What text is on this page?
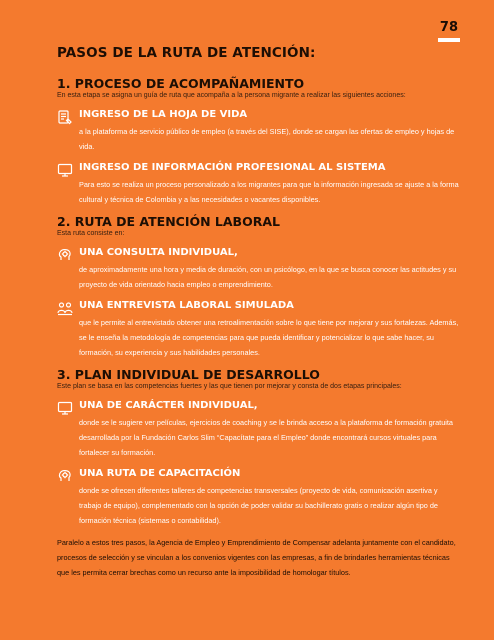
78
PASOS DE LA RUTA DE ATENCIÓN:
1. PROCESO DE ACOMPAÑAMIENTO

En esta etapa se asigna un guía de ruta que acompaña a la persona migrante a realizar las siguientes acciones:

INGRESO DE LA HOJA DE VIDA
a la plataforma de servicio público de empleo (a través del SISE), donde se cargan las ofertas de empleo y hojas de vida.
INGRESO DE INFORMACIÓN PROFESIONAL AL SISTEMA
Para esto se realiza un proceso personalizado a los migrantes para que la información ingresada se ajuste a la forma cultural y técnica de Colombia y a las necesidades o vacantes disponibles.
2. RUTA DE ATENCIÓN LABORAL

Esta ruta consiste en:

UNA CONSULTA INDIVIDUAL,
de aproximadamente una hora y media de duración, con un psicólogo, en la que se busca conocer las actitudes y su proyecto de vida orientado hacia empleo o emprendimiento.
UNA ENTREVISTA LABORAL SIMULADA
que le permite al entrevistado obtener una retroalimentación sobre lo que tiene por mejorar y sus fortalezas. Además, se le enseña la metodología de competencias para que pueda identificar y potencializar lo que sabe hacer, su formación, su experiencia y sus habilidades personales.
3. PLAN INDIVIDUAL DE DESARROLLO

Este plan se basa en las competencias fuertes y las que tienen por mejorar y consta de dos etapas principales:

UNA DE CARÁCTER INDIVIDUAL,
donde se le sugiere ver películas, ejercicios de coaching y se le brinda acceso a la plataforma de formación gratuita desarrollada por la Fundación Carlos Slim “Capacítate para el Empleo” donde encontrará cursos virtuales para fortalecer su formación.
UNA RUTA DE CAPACITACIÓN
donde se ofrecen diferentes talleres de competencias transversales (proyecto de vida, comunicación asertiva y trabajo de equipo), complementado con la opción de poder validar su bachillerato gratis o realizar algún tipo de formación técnica (sistemas o contabilidad).

Paralelo a estos tres pasos, la Agencia de Empleo y Emprendimiento de Compensar adelanta juntamente con el candidato, procesos de selección y se vinculan a los convenios vigentes con las empresas, a fin de brindarles herramientas técnicas que les permita cerrar brechas como un recurso ante la imposibilidad de homologar títulos.
